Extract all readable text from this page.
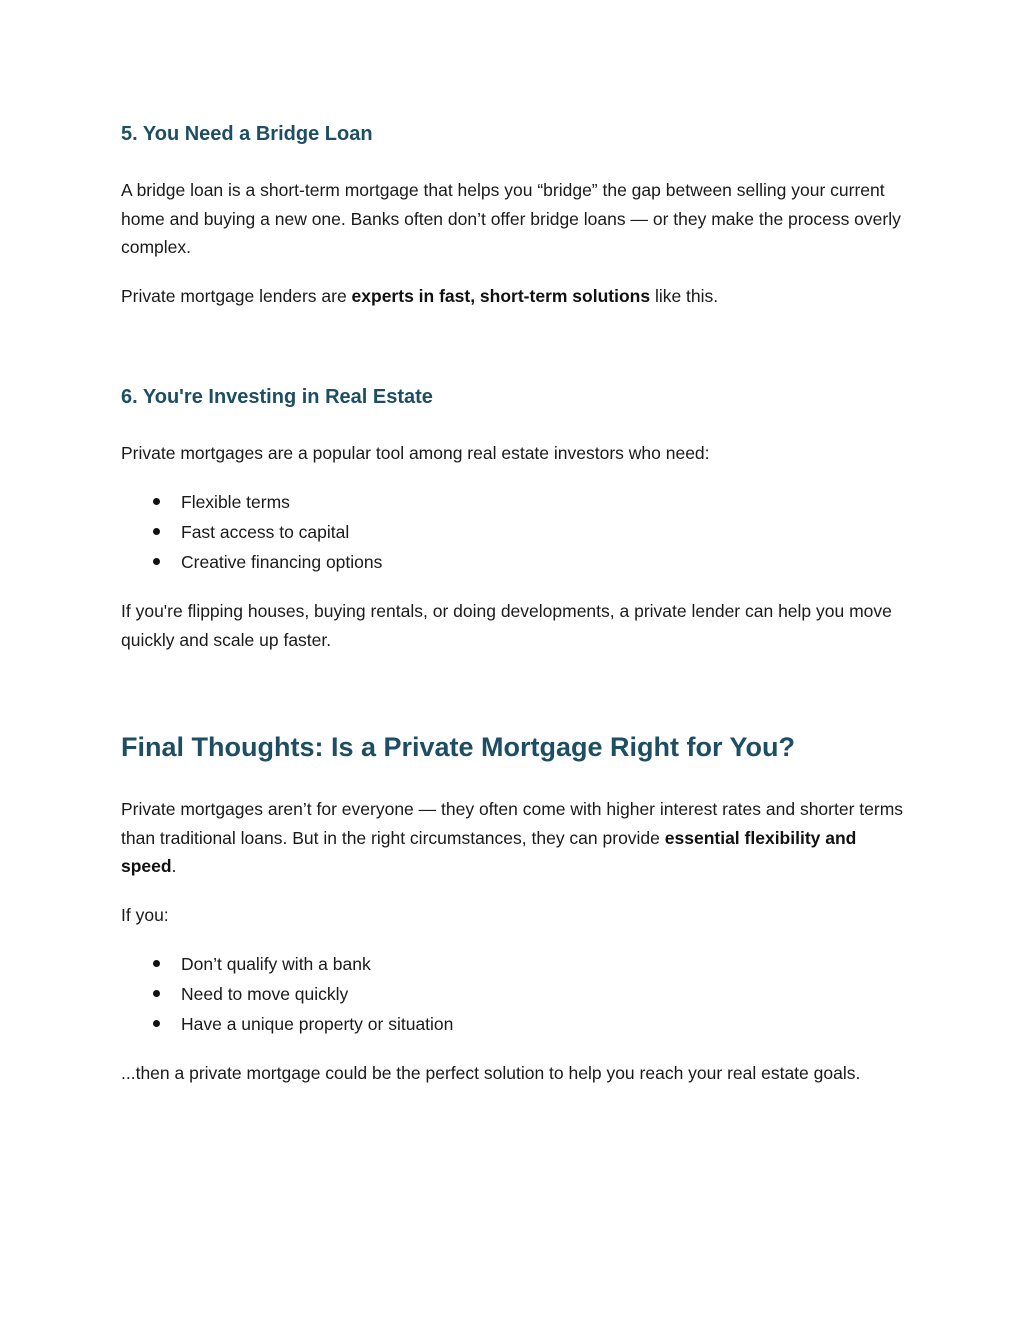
5. You Need a Bridge Loan

A bridge loan is a short-term mortgage that helps you “bridge” the gap between selling your current home and buying a new one. Banks often don’t offer bridge loans — or they make the process overly complex.

Private mortgage lenders are experts in fast, short-term solutions like this.

6. You're Investing in Real Estate

Private mortgages are a popular tool among real estate investors who need:

Flexible terms
Fast access to capital
Creative financing options

If you're flipping houses, buying rentals, or doing developments, a private lender can help you move quickly and scale up faster.

Final Thoughts: Is a Private Mortgage Right for You?

Private mortgages aren’t for everyone — they often come with higher interest rates and shorter terms than traditional loans. But in the right circumstances, they can provide essential flexibility and speed.

If you:

Don’t qualify with a bank
Need to move quickly
Have a unique property or situation

...then a private mortgage could be the perfect solution to help you reach your real estate goals.
